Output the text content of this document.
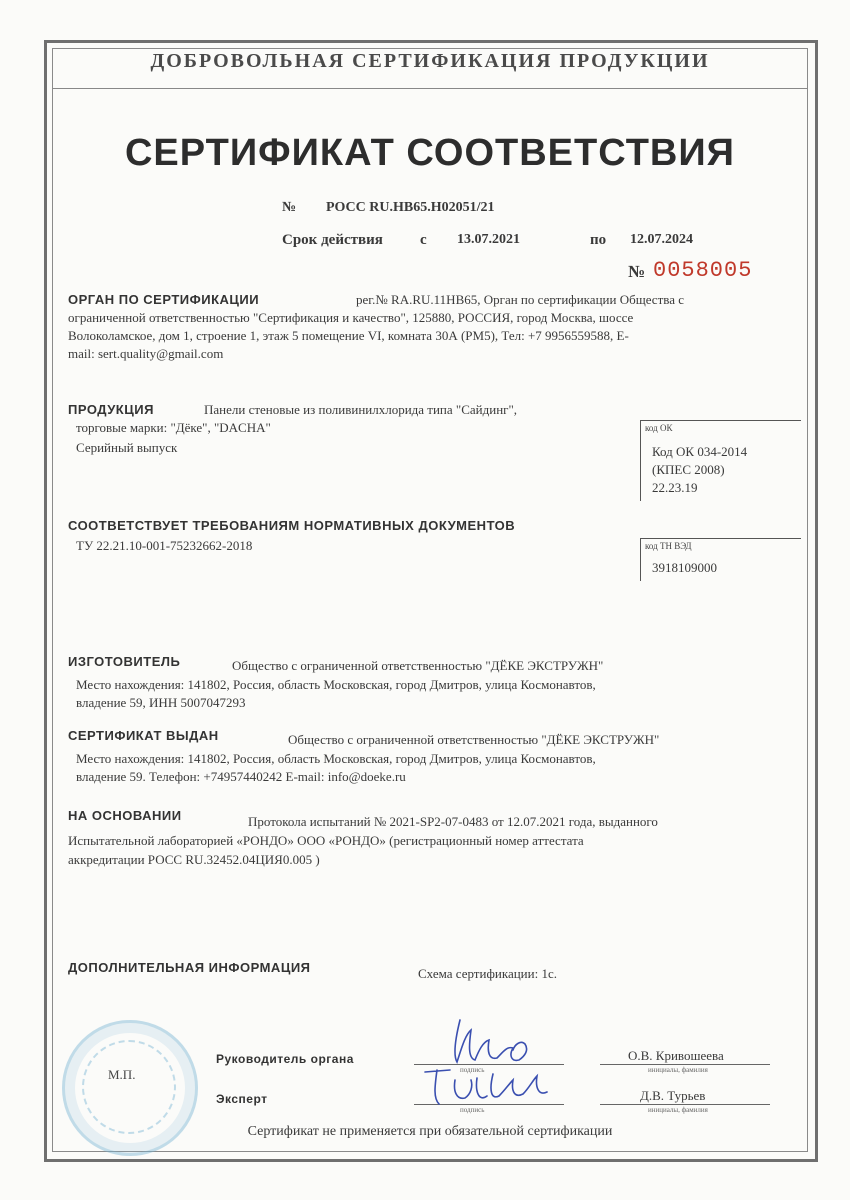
ДОБРОВОЛЬНАЯ СЕРТИФИКАЦИЯ ПРОДУКЦИИ
СЕРТИФИКАТ СООТВЕТСТВИЯ
№ РОСС RU.НВ65.Н02051/21
Срок действия с 13.07.2021	по 12.07.2024
№ 0058005
ОРГАН ПО СЕРТИФИКАЦИИ	рег.№ RA.RU.11НВ65, Орган по сертификации Общества с
ограниченной ответственностью "Сертификация и качество", 125880, РОССИЯ, город Москва, шоссе
Волоколамское, дом 1, строение 1, этаж 5 помещение VI, комната 30А (РМ5), Тел: +7 9956559588, E-
mail: sert.quality@gmail.com
ПРОДУКЦИЯ	Панели стеновые из поливинилхлорида типа "Сайдинг",
торговые марки: "Дёке", "DACHA"
Серийный выпуск
код ОК
Код ОК 034-2014
(КПЕС 2008)
22.23.19
СООТВЕТСТВУЕТ ТРЕБОВАНИЯМ НОРМАТИВНЫХ ДОКУМЕНТОВ
ТУ 22.21.10-001-75232662-2018	код ТН ВЭД
3918109000
ИЗГОТОВИТЕЛЬ	Общество с ограниченной ответственностью "ДЁКЕ ЭКСТРУЖН"
Место нахождения: 141802, Россия, область Московская, город Дмитров, улица Космонавтов,
владение 59, ИНН 5007047293
СЕРТИФИКАТ ВЫДАН	Общество с ограниченной ответственностью "ДЁКЕ ЭКСТРУЖН"
Место нахождения: 141802, Россия, область Московская, город Дмитров, улица Космонавтов,
владение 59. Телефон: +74957440242 E-mail: info@doeke.ru
НА ОСНОВАНИИ	Протокола испытаний № 2021-SP2-07-0483 от 12.07.2021 года, выданного
Испытательной лабораторией «РОНДО» ООО «РОНДО» (регистрационный номер аттестата
аккредитации РОСС RU.32452.04ЦИЯ0.005 )
ДОПОЛНИТЕЛЬНАЯ ИНФОРМАЦИЯ	Схема сертификации: 1с.
М.П.
Руководитель органа
подпись
О.В. Кривошеева
инициалы, фамилия
Эксперт
подпись
Д.В. Турьев
инициалы, фамилия
Сертификат не применяется при обязательной сертификации
